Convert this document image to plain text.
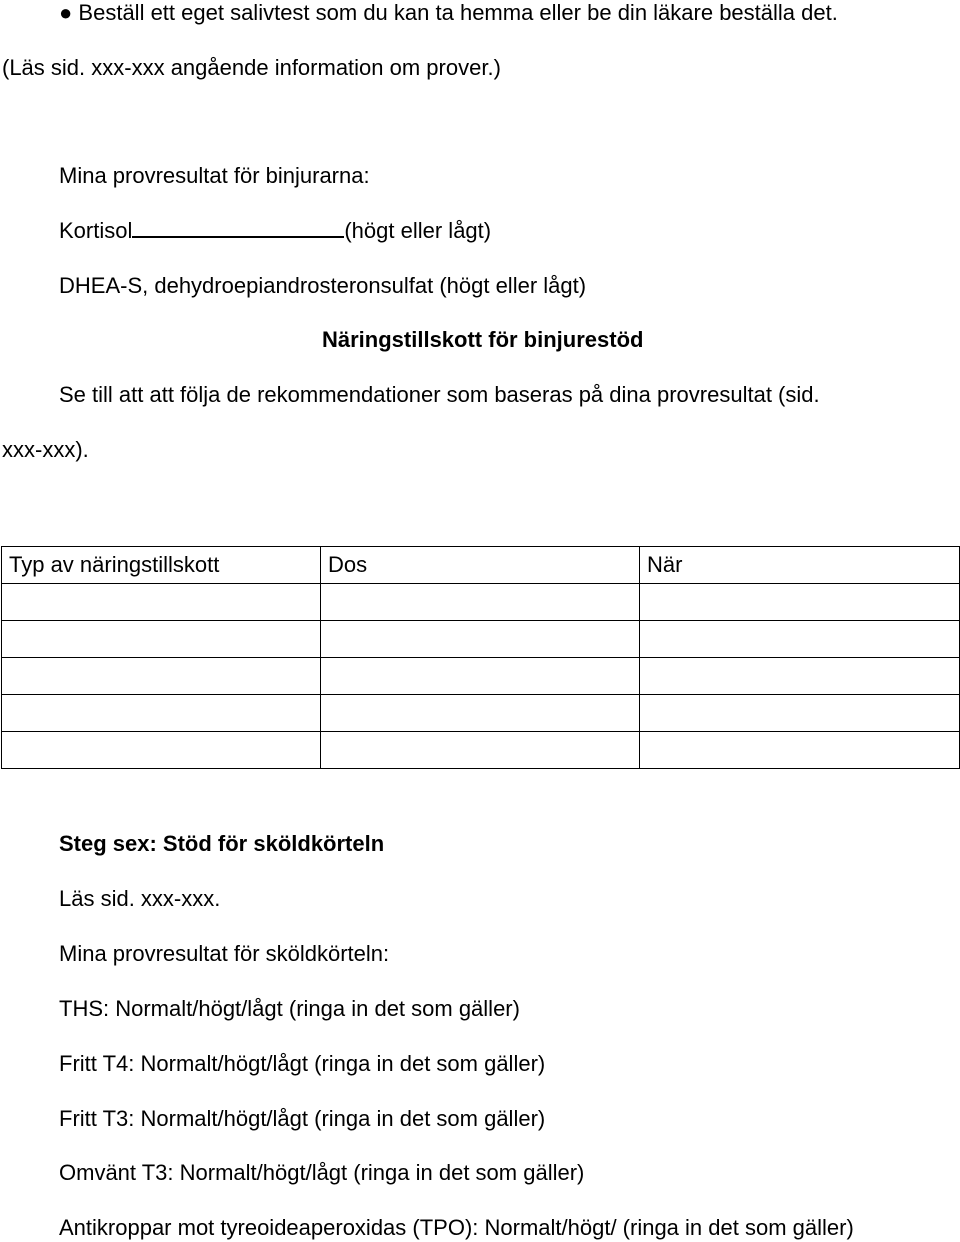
● Beställ ett eget salivtest som du kan ta hemma eller be din läkare beställa det.

(Läs sid. xxx-xxx angående information om prover.)

Mina provresultat för binjurarna:

Kortisol	(högt eller lågt)

DHEA-S, dehydroepiandrosteronsulfat (högt eller lågt)

Näringstillskott för binjurestöd

Se till att att följa de rekommendationer som baseras på dina provresultat (sid.

xxx-xxx).

Typ av näringstillskott	Dos	När

Steg sex: Stöd för sköldkörteln

Läs sid. xxx-xxx.

Mina provresultat för sköldkörteln:

THS: Normalt/högt/lågt (ringa in det som gäller)

Fritt T4: Normalt/högt/lågt (ringa in det som gäller)

Fritt T3: Normalt/högt/lågt (ringa in det som gäller)

Omvänt T3: Normalt/högt/lågt (ringa in det som gäller)

Antikroppar mot tyreoideaperoxidas (TPO): Normalt/högt/ (ringa in det som gäller)
